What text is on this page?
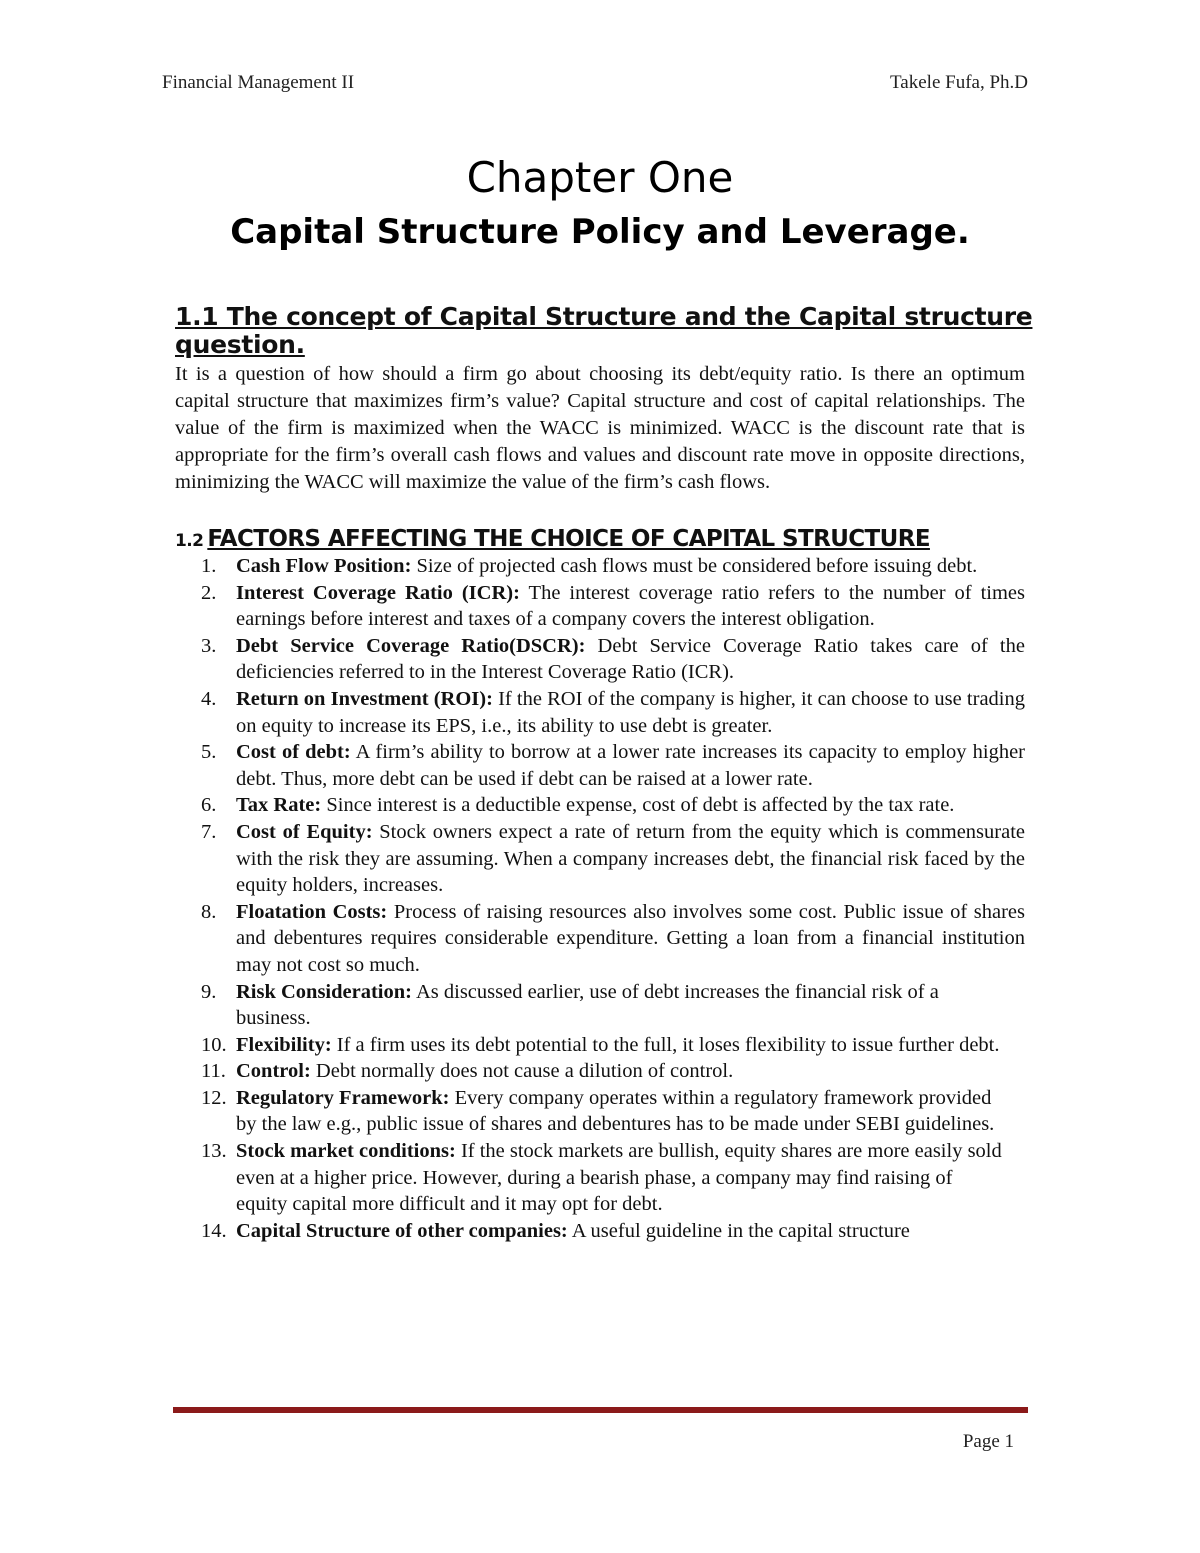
Financial Management II	Takele Fufa, Ph.D
Chapter One
Capital Structure Policy and Leverage.
1.1 The concept of Capital Structure and the Capital structure question.
It is a question of how should a firm go about choosing its debt/equity ratio. Is there an optimum capital structure that maximizes firm’s value? Capital structure and cost of capital relationships. The value of the firm is maximized when the WACC is minimized. WACC is the discount rate that is appropriate for the firm’s overall cash flows and values and discount rate move in opposite directions, minimizing the WACC will maximize the value of the firm’s cash flows.
1.2 FACTORS AFFECTING THE CHOICE OF CAPITAL STRUCTURE
1. Cash Flow Position: Size of projected cash flows must be considered before issuing debt.
2. Interest Coverage Ratio (ICR): The interest coverage ratio refers to the number of times earnings before interest and taxes of a company covers the interest obligation.
3. Debt Service Coverage Ratio(DSCR): Debt Service Coverage Ratio takes care of the deficiencies referred to in the Interest Coverage Ratio (ICR).
4. Return on Investment (ROI): If the ROI of the company is higher, it can choose to use trading on equity to increase its EPS, i.e., its ability to use debt is greater.
5. Cost of debt: A firm’s ability to borrow at a lower rate increases its capacity to employ higher debt. Thus, more debt can be used if debt can be raised at a lower rate.
6. Tax Rate: Since interest is a deductible expense, cost of debt is affected by the tax rate.
7. Cost of Equity: Stock owners expect a rate of return from the equity which is commensurate with the risk they are assuming. When a company increases debt, the financial risk faced by the equity holders, increases.
8. Floatation Costs: Process of raising resources also involves some cost. Public issue of shares and debentures requires considerable expenditure. Getting a loan from a financial institution may not cost so much.
9. Risk Consideration: As discussed earlier, use of debt increases the financial risk of a business.
10. Flexibility: If a firm uses its debt potential to the full, it loses flexibility to issue further debt.
11. Control: Debt normally does not cause a dilution of control.
12. Regulatory Framework: Every company operates within a regulatory framework provided by the law e.g., public issue of shares and debentures has to be made under SEBI guidelines.
13. Stock market conditions: If the stock markets are bullish, equity shares are more easily sold even at a higher price. However, during a bearish phase, a company may find raising of equity capital more difficult and it may opt for debt.
14. Capital Structure of other companies: A useful guideline in the capital structure
Page 1
